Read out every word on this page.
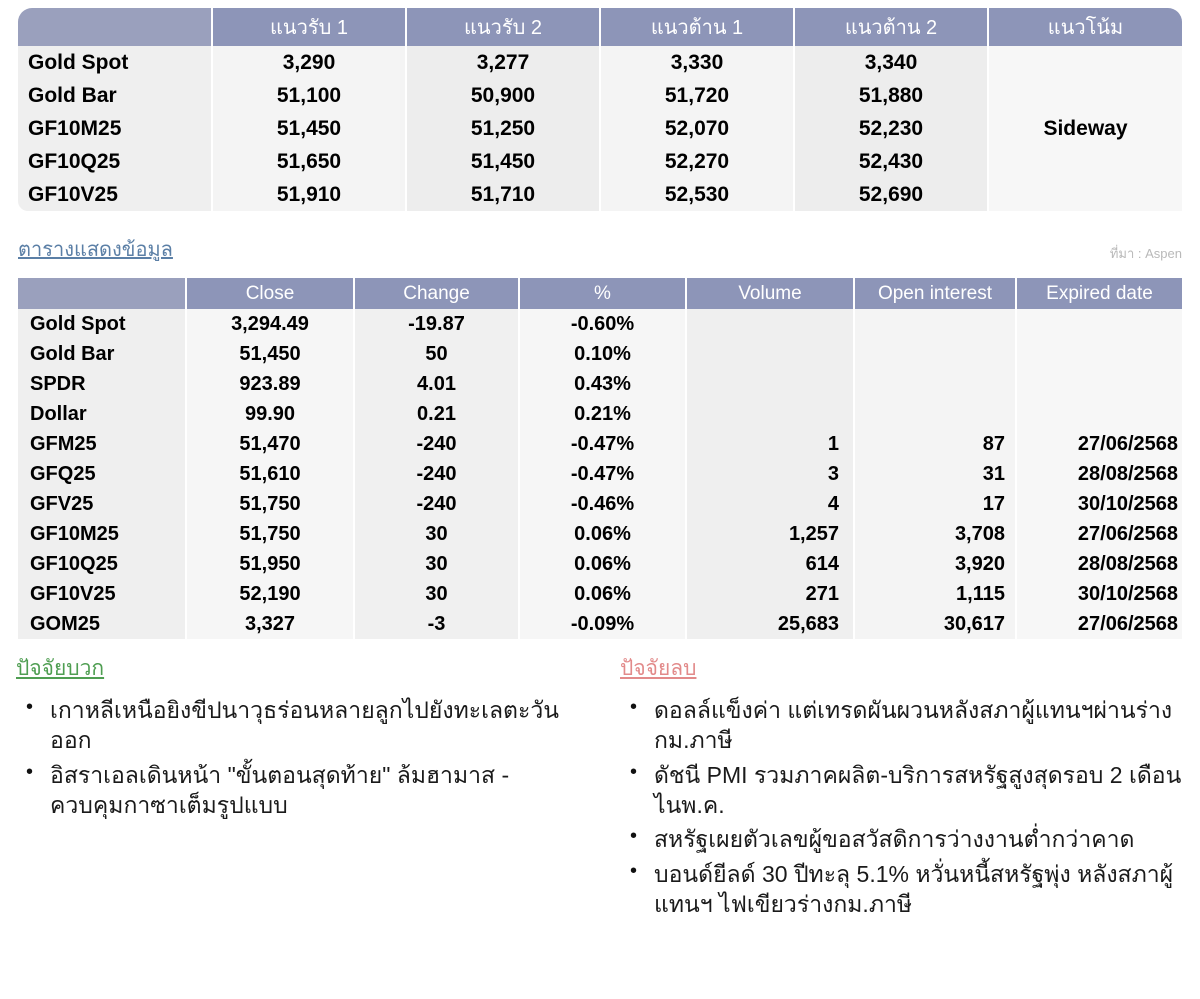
	แนวรับ 1	แนวรับ 2	แนวต้าน 1	แนวต้าน 2	แนวโน้ม
Gold Spot	3,290	3,277	3,330	3,340	Sideway
Gold Bar	51,100	50,900	51,720	51,880	
GF10M25	51,450	51,250	52,070	52,230	
GF10Q25	51,650	51,450	52,270	52,430	
GF10V25	51,910	51,710	52,530	52,690	
ตารางแสดงข้อมูล	ที่มา : Aspen
	Close	Change	%	Volume	Open interest	Expired date
Gold Spot	3,294.49	-19.87	-0.60%			
Gold Bar	51,450	50	0.10%			
SPDR	923.89	4.01	0.43%			
Dollar	99.90	0.21	0.21%			
GFM25	51,470	-240	-0.47%	1	87	27/06/2568
GFQ25	51,610	-240	-0.47%	3	31	28/08/2568
GFV25	51,750	-240	-0.46%	4	17	30/10/2568
GF10M25	51,750	30	0.06%	1,257	3,708	27/06/2568
GF10Q25	51,950	30	0.06%	614	3,920	28/08/2568
GF10V25	52,190	30	0.06%	271	1,115	30/10/2568
GOM25	3,327	-3	-0.09%	25,683	30,617	27/06/2568
ปัจจัยบวก
• เกาหลีเหนือยิงขีปนาวุธร่อนหลายลูกไปยังทะเลตะวันออก
• อิสราเอลเดินหน้า "ขั้นตอนสุดท้าย" ล้มฮามาส - ควบคุมกาซาเต็มรูปแบบ
ปัจจัยลบ
• ดอลล์แข็งค่า แต่เทรดผันผวนหลังสภาผู้แทนฯผ่านร่างกม.ภาษี
• ดัชนี PMI รวมภาคผลิต-บริการสหรัฐสูงสุดรอบ 2 เดือนไนพ.ค.
• สหรัฐเผยตัวเลขผู้ขอสวัสดิการว่างงานต่ำกว่าคาด
• บอนด์ยีลด์ 30 ปีทะลุ 5.1% หวั่นหนี้สหรัฐพุ่ง หลังสภาผู้แทนฯ ไฟเขียวร่างกม.ภาษี
